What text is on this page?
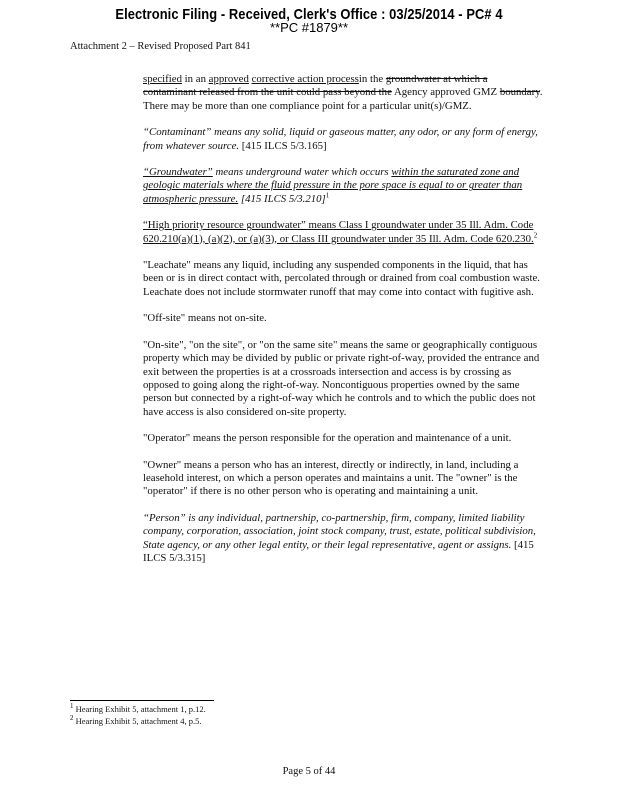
Electronic Filing - Received, Clerk's Office : 03/25/2014 - PC# 4
**PC #1879**
Attachment 2 – Revised Proposed Part 841

specified in an approved corrective action processin the groundwater at which a contaminant released from the unit could pass beyond the Agency approved GMZ boundary. There may be more than one compliance point for a particular unit(s)/GMZ.

“Contaminant” means any solid, liquid or gaseous matter, any odor, or any form of energy, from whatever source. [415 ILCS 5/3.165]

“Groundwater” means underground water which occurs within the saturated zone and geologic materials where the fluid pressure in the pore space is equal to or greater than atmospheric pressure. [415 ILCS 5/3.210]$^1$

“High priority resource groundwater” means Class I groundwater under 35 Ill. Adm. Code 620.210(a)(1), (a)(2), or (a)(3), or Class III groundwater under 35 Ill. Adm. Code 620.230.$^2$

"Leachate" means any liquid, including any suspended components in the liquid, that has been or is in direct contact with, percolated through or drained from coal combustion waste. Leachate does not include stormwater runoff that may come into contact with fugitive ash.

"Off-site" means not on-site.

"On-site", "on the site", or "on the same site" means the same or geographically contiguous property which may be divided by public or private right-of-way, provided the entrance and exit between the properties is at a crossroads intersection and access is by crossing as opposed to going along the right-of-way. Noncontiguous properties owned by the same person but connected by a right-of-way which he controls and to which the public does not have access is also considered on-site property.

"Operator" means the person responsible for the operation and maintenance of a unit.

"Owner" means a person who has an interest, directly or indirectly, in land, including a leasehold interest, on which a person operates and maintains a unit. The "owner" is the "operator" if there is no other person who is operating and maintaining a unit.

“Person” is any individual, partnership, co-partnership, firm, company, limited liability company, corporation, association, joint stock company, trust, estate, political subdivision, State agency, or any other legal entity, or their legal representative, agent or assigns. [415 ILCS 5/3.315]

$^1$ Hearing Exhibit 5, attachment 1, p.12.
$^2$ Hearing Exhibit 5, attachment 4, p.5.
Page 5 of 44
